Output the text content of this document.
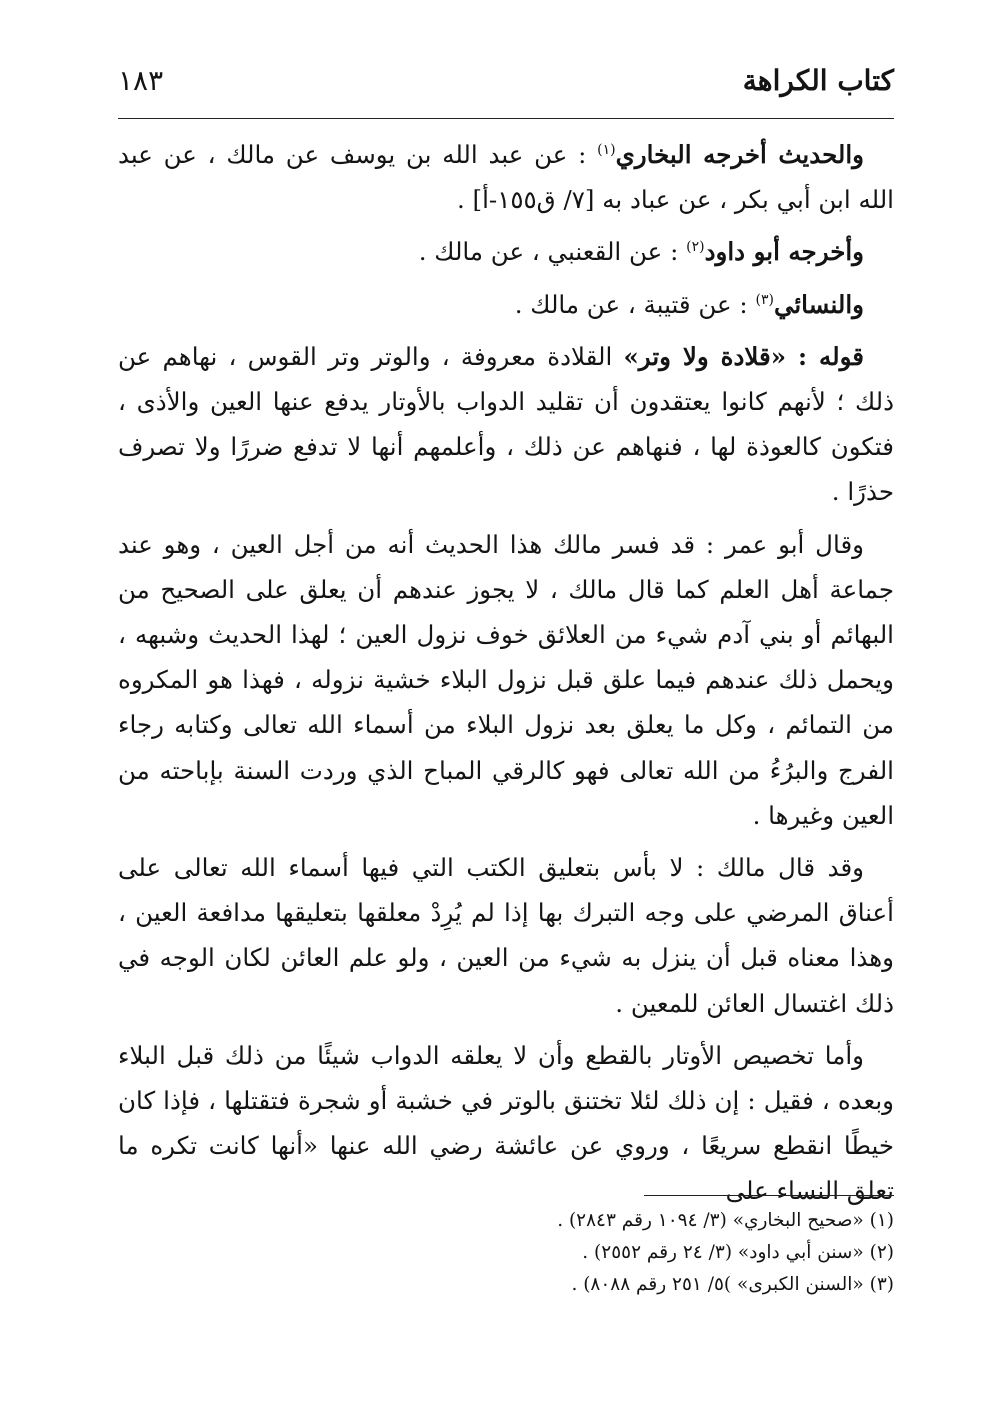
كتاب الكراهة
١٨٣

والحديث أخرجه البخاري$^{(١)}$ : عن عبد الله بن يوسف عن مالك ، عن عبد الله ابن أبي بكر ، عن عباد به [٧/ ق١٥٥-أ] .

وأخرجه أبو داود$^{(٢)}$ : عن القعنبي ، عن مالك .

والنسائي$^{(٣)}$ : عن قتيبة ، عن مالك .

قوله : «قلادة ولا وتر» القلادة معروفة ، والوتر وتر القوس ، نهاهم عن ذلك ؛ لأنهم كانوا يعتقدون أن تقليد الدواب بالأوتار يدفع عنها العين والأذى ، فتكون كالعوذة لها ، فنهاهم عن ذلك ، وأعلمهم أنها لا تدفع ضررًا ولا تصرف حذرًا .

وقال أبو عمر : قد فسر مالك هذا الحديث أنه من أجل العين ، وهو عند جماعة أهل العلم كما قال مالك ، لا يجوز عندهم أن يعلق على الصحيح من البهائم أو بني آدم شيء من العلائق خوف نزول العين ؛ لهذا الحديث وشبهه ، ويحمل ذلك عندهم فيما علق قبل نزول البلاء خشية نزوله ، فهذا هو المكروه من التمائم ، وكل ما يعلق بعد نزول البلاء من أسماء الله تعالى وكتابه رجاء الفرج والبرُءُ من الله تعالى فهو كالرقي المباح الذي وردت السنة بإباحته من العين وغيرها .

وقد قال مالك : لا بأس بتعليق الكتب التي فيها أسماء الله تعالى على أعناق المرضي على وجه التبرك بها إذا لم يُرِدْ معلقها بتعليقها مدافعة العين ، وهذا معناه قبل أن ينزل به شيء من العين ، ولو علم العائن لكان الوجه في ذلك اغتسال العائن للمعين .

وأما تخصيص الأوتار بالقطع وأن لا يعلقه الدواب شيئًا من ذلك قبل البلاء وبعده ، فقيل : إن ذلك لئلا تختنق بالوتر في خشبة أو شجرة فتقتلها ، فإذا كان خيطًا انقطع سريعًا ، وروي عن عائشة رضي الله عنها «أنها كانت تكره ما تعلق النساء على

(١) «صحيح البخاري» (٣/ ١٠٩٤ رقم ٢٨٤٣) .
(٢) «سنن أبي داود» (٣/ ٢٤ رقم ٢٥٥٢) .
(٣) «السنن الكبرى» )٥/ ٢٥١ رقم ٨٠٨٨) .
